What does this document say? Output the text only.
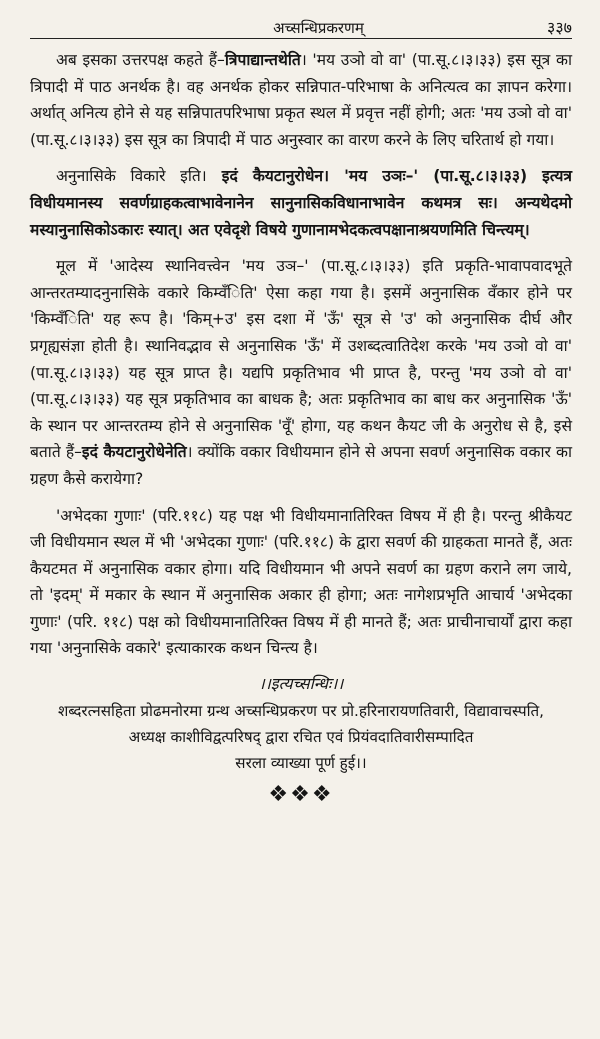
अच्सन्धिप्रकरणम्	३३७

अब इसका उत्तरपक्ष कहते हैं–त्रिपाद्यान्तथेति। 'मय उञो वो वा' (पा.सू.८।३।३३) इस सूत्र का त्रिपादी में पाठ अनर्थक है। वह अनर्थक होकर सन्निपात-परिभाषा के अनित्यत्व का ज्ञापन करेगा। अर्थात् अनित्य होने से यह सन्निपातपरिभाषा प्रकृत स्थल में प्रवृत्त नहीं होगी; अतः 'मय उञो वो वा' (पा.सू.८।३।३३) इस सूत्र का त्रिपादी में पाठ अनुस्वार का वारण करने के लिए चरितार्थ हो गया।

अनुनासिके विकारे इति। इदं कैयटानुरोधेन। 'मय उञः–' (पा.सू.८।३।३३) इत्यत्र विधीयमानस्य सवर्णग्राहकत्वाभावेनानेन सानुनासिकविधानाभावेन कथमत्र सः। अन्यथेदमो मस्यानुनासिकोऽकारः स्यात्। अत एवेदृशे विषये गुणानामभेदकत्वपक्षानाश्रयणमिति चिन्त्यम्।

मूल में 'आदेस्य स्थानिवत्त्वेन 'मय उञ–' (पा.सू.८।३।३३) इति प्रकृति-भावापवादभूते आन्तरतम्यादनुनासिके वकारे किम्वँिति' ऐसा कहा गया है। इसमें अनुनासिक वँकार होने पर 'किम्वँिति' यह रूप है। 'किम्+उ' इस दशा में 'ऊँ' सूत्र से 'उ' को अनुनासिक दीर्घ और प्रगृह्यसंज्ञा होती है। स्थानिवद्भाव से अनुनासिक 'ऊँ' में उशब्दत्वातिदेश करके 'मय उञो वो वा' (पा.सू.८।३।३३) यह सूत्र प्राप्त है। यद्यपि प्रकृतिभाव भी प्राप्त है, परन्तु 'मय उञो वो वा' (पा.सू.८।३।३३) यह सूत्र प्रकृतिभाव का बाधक है; अतः प्रकृतिभाव का बाध कर अनुनासिक 'ऊँ' के स्थान पर आन्तरतम्य होने से अनुनासिक 'वूँ' होगा, यह कथन कैयट जी के अनुरोध से है, इसे बताते हैं–इदं कैयटानुरोधेनेति। क्योंकि वकार विधीयमान होने से अपना सवर्ण अनुनासिक वकार का ग्रहण कैसे करायेगा?

'अभेदका गुणाः' (परि.११८) यह पक्ष भी विधीयमानातिरिक्त विषय में ही है। परन्तु श्रीकैयट जी विधीयमान स्थल में भी 'अभेदका गुणाः' (परि.११८) के द्वारा सवर्ण की ग्राहकता मानते हैं, अतः कैयटमत में अनुनासिक वकार होगा। यदि विधीयमान भी अपने सवर्ण का ग्रहण कराने लग जाये, तो 'इदम्' में मकार के स्थान में अनुनासिक अकार ही होगा; अतः नागेशप्रभृति आचार्य 'अभेदका गुणाः' (परि. ११८) पक्ष को विधीयमानातिरिक्त विषय में ही मानते हैं; अतः प्राचीनाचार्यों द्वारा कहा गया 'अनुनासिके वकारे' इत्याकारक कथन चिन्त्य है।

।।इत्यच्सन्धिः।।
शब्दरत्नसहिता प्रोढमनोरमा ग्रन्थ अच्सन्धिप्रकरण पर प्रो.हरिनारायणतिवारी, विद्यावाचस्पति,
अध्यक्ष काशीविद्वत्परिषद् द्वारा रचित एवं प्रियंवदातिवारीसम्पादित
सरला व्याख्या पूर्ण हुई।।
❖❖❖
